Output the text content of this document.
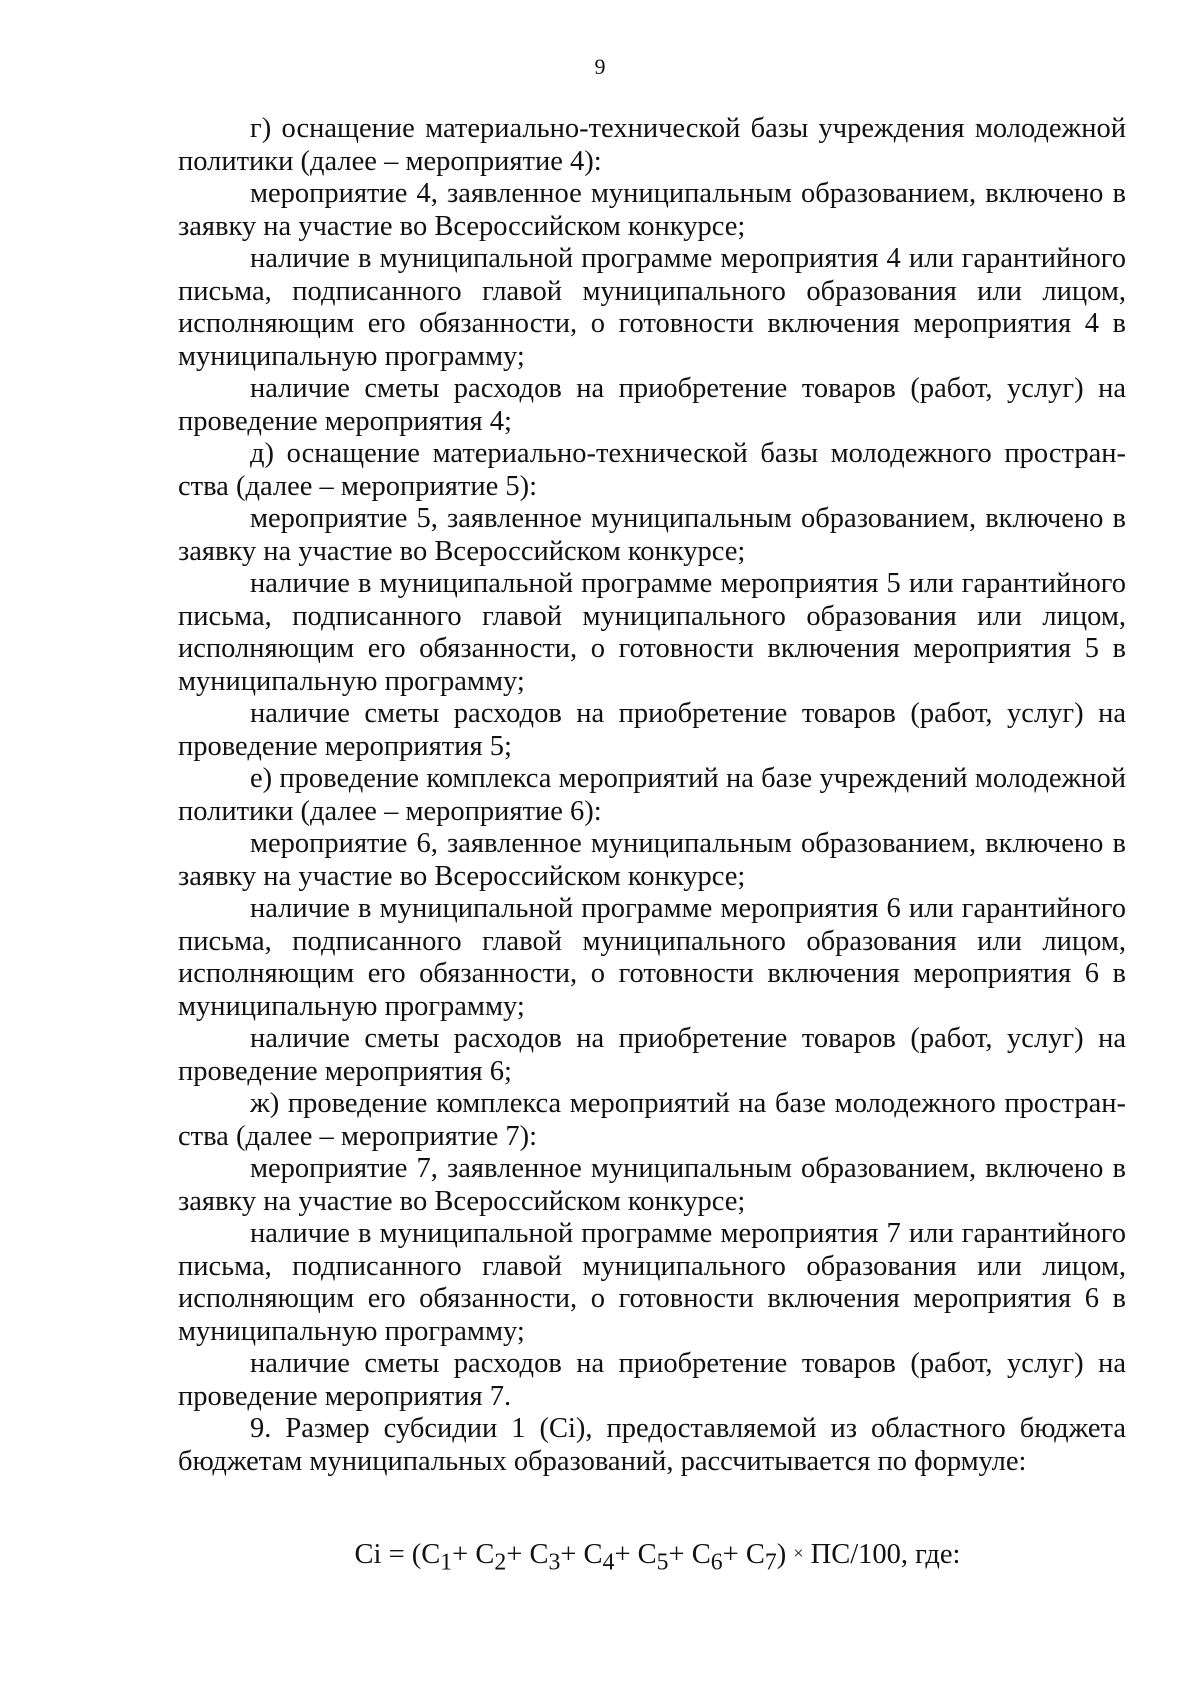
9

г) оснащение материально-технической базы учреждения молодежной политики (далее – мероприятие 4):

мероприятие 4, заявленное муниципальным образованием, включено в заявку на участие во Всероссийском конкурсе;

наличие в муниципальной программе мероприятия 4 или гарантийного письма, подписанного главой муниципального образования или лицом, исполняющим его обязанности, о готовности включения мероприятия 4 в муниципальную программу;

наличие сметы расходов на приобретение товаров (работ, услуг) на проведение мероприятия 4;

д) оснащение материально-технической базы молодежного пространства (далее – мероприятие 5):

мероприятие 5, заявленное муниципальным образованием, включено в заявку на участие во Всероссийском конкурсе;

наличие в муниципальной программе мероприятия 5 или гарантийного письма, подписанного главой муниципального образования или лицом, исполняющим его обязанности, о готовности включения мероприятия 5 в муниципальную программу;

наличие сметы расходов на приобретение товаров (работ, услуг) на проведение мероприятия 5;

е) проведение комплекса мероприятий на базе учреждений молодежной политики (далее – мероприятие 6):

мероприятие 6, заявленное муниципальным образованием, включено в заявку на участие во Всероссийском конкурсе;

наличие в муниципальной программе мероприятия 6 или гарантийного письма, подписанного главой муниципального образования или лицом, исполняющим его обязанности, о готовности включения мероприятия 6 в муниципальную программу;

наличие сметы расходов на приобретение товаров (работ, услуг) на проведение мероприятия 6;

ж) проведение комплекса мероприятий на базе молодежного пространства (далее – мероприятие 7):

мероприятие 7, заявленное муниципальным образованием, включено в заявку на участие во Всероссийском конкурсе;

наличие в муниципальной программе мероприятия 7 или гарантийного письма, подписанного главой муниципального образования или лицом, исполняющим его обязанности, о готовности включения мероприятия 6 в муниципальную программу;

наличие сметы расходов на приобретение товаров (работ, услуг) на проведение мероприятия 7.

9. Размер субсидии 1 (Сi), предоставляемой из областного бюджета бюджетам муниципальных образований, рассчитывается по формуле:

$Ci = (С_1+ С_2+ С_3+ С_4+ С_5+ С_6+ С_7) \times ПС/100$, где:
